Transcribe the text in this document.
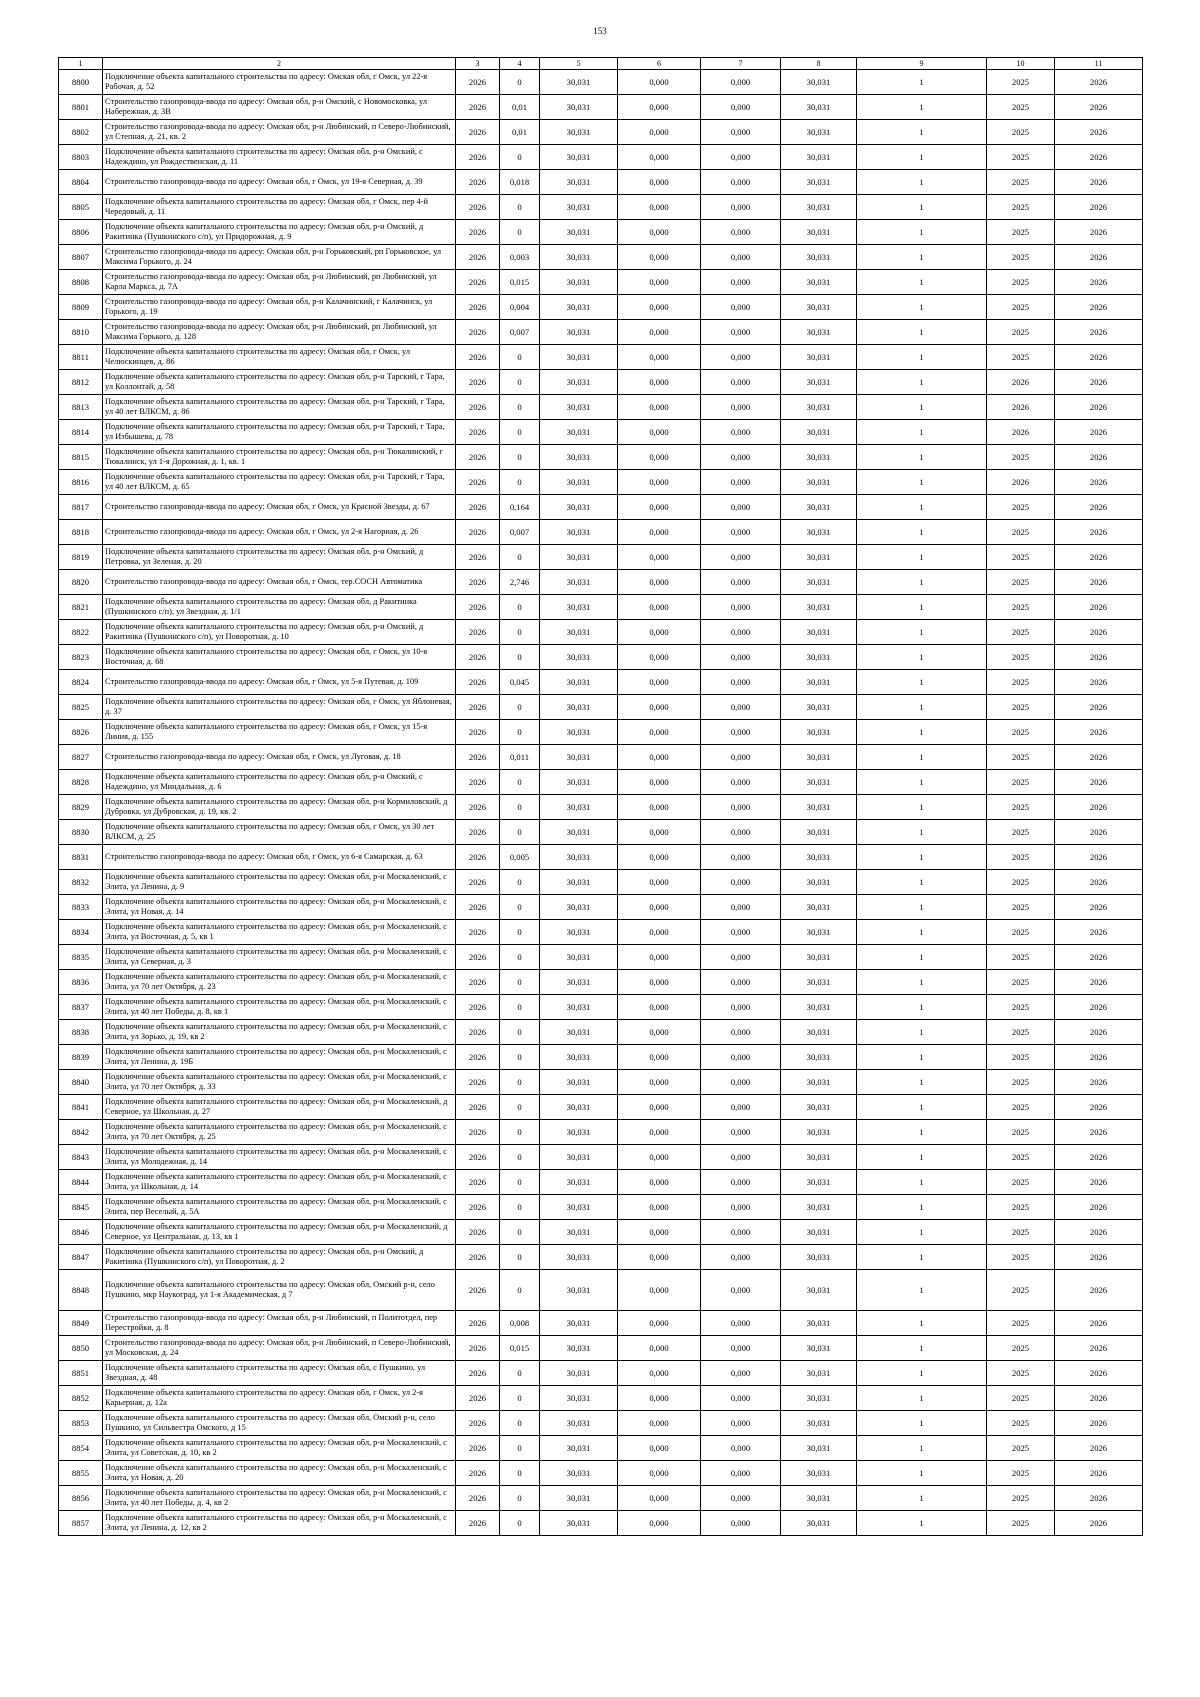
153
1	2	3	4	5	6	7	8	9	10	11
8800	Подключение объекта капитального строительства по адресу: Омская обл, г Омск, ул 22-я Рабочая, д. 52	2026	0	30,031	0,000	0,000	30,031	1	2025	2026
8801	Строительство газопровода-ввода по адресу: Омская обл, р-н Омский, с Новомосковка, ул Набережная, д. 3В	2026	0,01	30,031	0,000	0,000	30,031	1	2025	2026
8802	Строительство газопровода-ввода по адресу: Омская обл, р-н Любинский, п Северо-Любинский, ул Степная, д. 21, кв. 2	2026	0,01	30,031	0,000	0,000	30,031	1	2025	2026
8803	Подключение объекта капитального строительства по адресу: Омская обл, р-н Омский, с Надеждино, ул Рождественская, д. 11	2026	0	30,031	0,000	0,000	30,031	1	2025	2026
8804	Строительство газопровода-ввода по адресу: Омская обл, г Омск, ул 19-я Северная, д. 39	2026	0,018	30,031	0,000	0,000	30,031	1	2025	2026
8805	Подключение объекта капитального строительства по адресу: Омская обл, г Омск, пер 4-й Чередовый, д. 11	2026	0	30,031	0,000	0,000	30,031	1	2025	2026
8806	Подключение объекта капитального строительства по адресу: Омская обл, р-н Омский, д Ракитинка (Пушкинского с/п), ул Придорожная, д. 9	2026	0	30,031	0,000	0,000	30,031	1	2025	2026
8807	Строительство газопровода-ввода по адресу: Омская обл, р-н Горьковский, рп Горьковское, ул Максима Горького, д. 24	2026	0,003	30,031	0,000	0,000	30,031	1	2025	2026
8808	Строительство газопровода-ввода по адресу: Омская обл, р-н Любинский, рп Любинский, ул Карла Маркса, д. 7А	2026	0,015	30,031	0,000	0,000	30,031	1	2025	2026
8809	Строительство газопровода-ввода по адресу: Омская обл, р-н Калачинский, г Калачинск, ул Горького, д. 19	2026	0,004	30,031	0,000	0,000	30,031	1	2025	2026
8810	Строительство газопровода-ввода по адресу: Омская обл, р-н Любинский, рп Любинский, ул Максима Горького, д. 128	2026	0,007	30,031	0,000	0,000	30,031	1	2025	2026
8811	Подключение объекта капитального строительства по адресу: Омская обл, г Омск, ул Челюскинцев, д. 86	2026	0	30,031	0,000	0,000	30,031	1	2025	2026
8812	Подключение объекта капитального строительства по адресу: Омская обл, р-н Тарский, г Тара, ул Коллонтай, д. 58	2026	0	30,031	0,000	0,000	30,031	1	2026	2026
8813	Подключение объекта капитального строительства по адресу: Омская обл, р-н Тарский, г Тара, ул 40 лет ВЛКСМ, д. 86	2026	0	30,031	0,000	0,000	30,031	1	2026	2026
8814	Подключение объекта капитального строительства по адресу: Омская обл, р-н Тарский, г Тара, ул Избышева, д. 78	2026	0	30,031	0,000	0,000	30,031	1	2026	2026
8815	Подключение объекта капитального строительства по адресу: Омская обл, р-н Тюкалинский, г Тюкалинск, ул 1-я Дорожная, д. 1, кв. 1	2026	0	30,031	0,000	0,000	30,031	1	2025	2026
8816	Подключение объекта капитального строительства по адресу: Омская обл, р-н Тарский, г Тара, ул 40 лет ВЛКСМ, д. 65	2026	0	30,031	0,000	0,000	30,031	1	2026	2026
8817	Строительство газопровода-ввода по адресу: Омская обл, г Омск, ул Красной Звезды, д. 67	2026	0,164	30,031	0,000	0,000	30,031	1	2025	2026
8818	Строительство газопровода-ввода по адресу: Омская обл, г Омск, ул 2-я Нагорная, д. 26	2026	0,007	30,031	0,000	0,000	30,031	1	2025	2026
8819	Подключение объекта капитального строительства по адресу: Омская обл, р-н Омский, д Петровка, ул Зеленая, д. 20	2026	0	30,031	0,000	0,000	30,031	1	2025	2026
8820	Строительство газопровода-ввода по адресу: Омская обл, г Омск, тер.СОСН Автоматика	2026	2,746	30,031	0,000	0,000	30,031	1	2025	2026
8821	Подключение объекта капитального строительства по адресу: Омская обл, д Ракитинка (Пушкинского с/п), ул Звездная, д. 1/1	2026	0	30,031	0,000	0,000	30,031	1	2025	2026
8822	Подключение объекта капитального строительства по адресу: Омская обл, р-н Омский, д Ракитинка (Пушкинского с/п), ул Поворотная, д. 10	2026	0	30,031	0,000	0,000	30,031	1	2025	2026
8823	Подключение объекта капитального строительства по адресу: Омская обл, г Омск, ул 10-я Восточная, д. 68	2026	0	30,031	0,000	0,000	30,031	1	2025	2026
8824	Строительство газопровода-ввода по адресу: Омская обл, г Омск, ул 5-я Путевая, д. 109	2026	0,045	30,031	0,000	0,000	30,031	1	2025	2026
8825	Подключение объекта капитального строительства по адресу: Омская обл, г Омск, ул Яблоневая, д. 37	2026	0	30,031	0,000	0,000	30,031	1	2025	2026
8826	Подключение объекта капитального строительства по адресу: Омская обл, г Омск, ул 15-я Линия, д. 155	2026	0	30,031	0,000	0,000	30,031	1	2025	2026
8827	Строительство газопровода-ввода по адресу: Омская обл, г Омск, ул Луговая, д. 18	2026	0,011	30,031	0,000	0,000	30,031	1	2025	2026
8828	Подключение объекта капитального строительства по адресу: Омская обл, р-н Омский, с Надеждино, ул Миндальная, д. 6	2026	0	30,031	0,000	0,000	30,031	1	2025	2026
8829	Подключение объекта капитального строительства по адресу: Омская обл, р-н Кормиловский, д Дубровка, ул Дубровская, д. 19, кв. 2	2026	0	30,031	0,000	0,000	30,031	1	2025	2026
8830	Подключение объекта капитального строительства по адресу: Омская обл, г Омск, ул 30 лет ВЛКСМ, д. 25	2026	0	30,031	0,000	0,000	30,031	1	2025	2026
8831	Строительство газопровода-ввода по адресу: Омская обл, г Омск, ул 6-я Самарская, д. 63	2026	0,005	30,031	0,000	0,000	30,031	1	2025	2026
8832	Подключение объекта капитального строительства по адресу: Омская обл, р-н Москаленский, с Элита, ул Ленина, д. 9	2026	0	30,031	0,000	0,000	30,031	1	2025	2026
8833	Подключение объекта капитального строительства по адресу: Омская обл, р-н Москаленский, с Элита, ул Новая, д. 14	2026	0	30,031	0,000	0,000	30,031	1	2025	2026
8834	Подключение объекта капитального строительства по адресу: Омская обл, р-н Москаленский, с Элита, ул Восточная, д. 5, кв 1	2026	0	30,031	0,000	0,000	30,031	1	2025	2026
8835	Подключение объекта капитального строительства по адресу: Омская обл, р-н Москаленский, с Элита, ул Северная, д. 3	2026	0	30,031	0,000	0,000	30,031	1	2025	2026
8836	Подключение объекта капитального строительства по адресу: Омская обл, р-н Москаленский, с Элита, ул 70 лет Октября, д. 23	2026	0	30,031	0,000	0,000	30,031	1	2025	2026
8837	Подключение объекта капитального строительства по адресу: Омская обл, р-н Москаленский, с Элита, ул 40 лет Победы, д. 8, кв 1	2026	0	30,031	0,000	0,000	30,031	1	2025	2026
8838	Подключение объекта капитального строительства по адресу: Омская обл, р-н Москаленский, с Элита, ул Зорько, д. 19, кв 2	2026	0	30,031	0,000	0,000	30,031	1	2025	2026
8839	Подключение объекта капитального строительства по адресу: Омская обл, р-н Москаленский, с Элита, ул Ленина, д. 19Б	2026	0	30,031	0,000	0,000	30,031	1	2025	2026
8840	Подключение объекта капитального строительства по адресу: Омская обл, р-н Москаленский, с Элита, ул 70 лет Октября, д. 33	2026	0	30,031	0,000	0,000	30,031	1	2025	2026
8841	Подключение объекта капитального строительства по адресу: Омская обл, р-н Москаленский, д Северное, ул Школьная, д. 27	2026	0	30,031	0,000	0,000	30,031	1	2025	2026
8842	Подключение объекта капитального строительства по адресу: Омская обл, р-н Москаленский, с Элита, ул 70 лет Октября, д. 25	2026	0	30,031	0,000	0,000	30,031	1	2025	2026
8843	Подключение объекта капитального строительства по адресу: Омская обл, р-н Москаленский, с Элита, ул Молодежная, д. 14	2026	0	30,031	0,000	0,000	30,031	1	2025	2026
8844	Подключение объекта капитального строительства по адресу: Омская обл, р-н Москаленский, с Элита, ул Школьная, д. 14	2026	0	30,031	0,000	0,000	30,031	1	2025	2026
8845	Подключение объекта капитального строительства по адресу: Омская обл, р-н Москаленский, с Элита, пер Веселый, д. 5А	2026	0	30,031	0,000	0,000	30,031	1	2025	2026
8846	Подключение объекта капитального строительства по адресу: Омская обл, р-н Москаленский, д Северное, ул Центральная, д. 13, кв 1	2026	0	30,031	0,000	0,000	30,031	1	2025	2026
8847	Подключение объекта капитального строительства по адресу: Омская обл, р-н Омский, д Ракитинка (Пушкинского с/п), ул Поворотная, д. 2	2026	0	30,031	0,000	0,000	30,031	1	2025	2026
8848	Подключение объекта капитального строительства по адресу: Омская обл, Омский р-н, село Пушкино, мкр Наукоград, ул 1-я Академическая, д 7	2026	0	30,031	0,000	0,000	30,031	1	2025	2026
8849	Строительство газопровода-ввода по адресу: Омская обл, р-н Любинский, п Политотдел, пер Перестройки, д. 8	2026	0,008	30,031	0,000	0,000	30,031	1	2025	2026
8850	Строительство газопровода-ввода по адресу: Омская обл, р-н Любинский, п Северо-Любинский, ул Московская, д. 24	2026	0,015	30,031	0,000	0,000	30,031	1	2025	2026
8851	Подключение объекта капитального строительства по адресу: Омская обл, с Пушкино, ул Звездная, д. 48	2026	0	30,031	0,000	0,000	30,031	1	2025	2026
8852	Подключение объекта капитального строительства по адресу: Омская обл, г Омск, ул 2-я Карьерная, д. 12а	2026	0	30,031	0,000	0,000	30,031	1	2025	2026
8853	Подключение объекта капитального строительства по адресу: Омская обл, Омский р-н, село Пушкино, ул Сильвестра Омского, д 15	2026	0	30,031	0,000	0,000	30,031	1	2025	2026
8854	Подключение объекта капитального строительства по адресу: Омская обл, р-н Москаленский, с Элита, ул Советская, д. 10, кв 2	2026	0	30,031	0,000	0,000	30,031	1	2025	2026
8855	Подключение объекта капитального строительства по адресу: Омская обл, р-н Москаленский, с Элита, ул Новая, д. 20	2026	0	30,031	0,000	0,000	30,031	1	2025	2026
8856	Подключение объекта капитального строительства по адресу: Омская обл, р-н Москаленский, с Элита, ул 40 лет Победы, д. 4, кв 2	2026	0	30,031	0,000	0,000	30,031	1	2025	2026
8857	Подключение объекта капитального строительства по адресу: Омская обл, р-н Москаленский, с Элита, ул Ленина, д. 12, кв 2	2026	0	30,031	0,000	0,000	30,031	1	2025	2026
